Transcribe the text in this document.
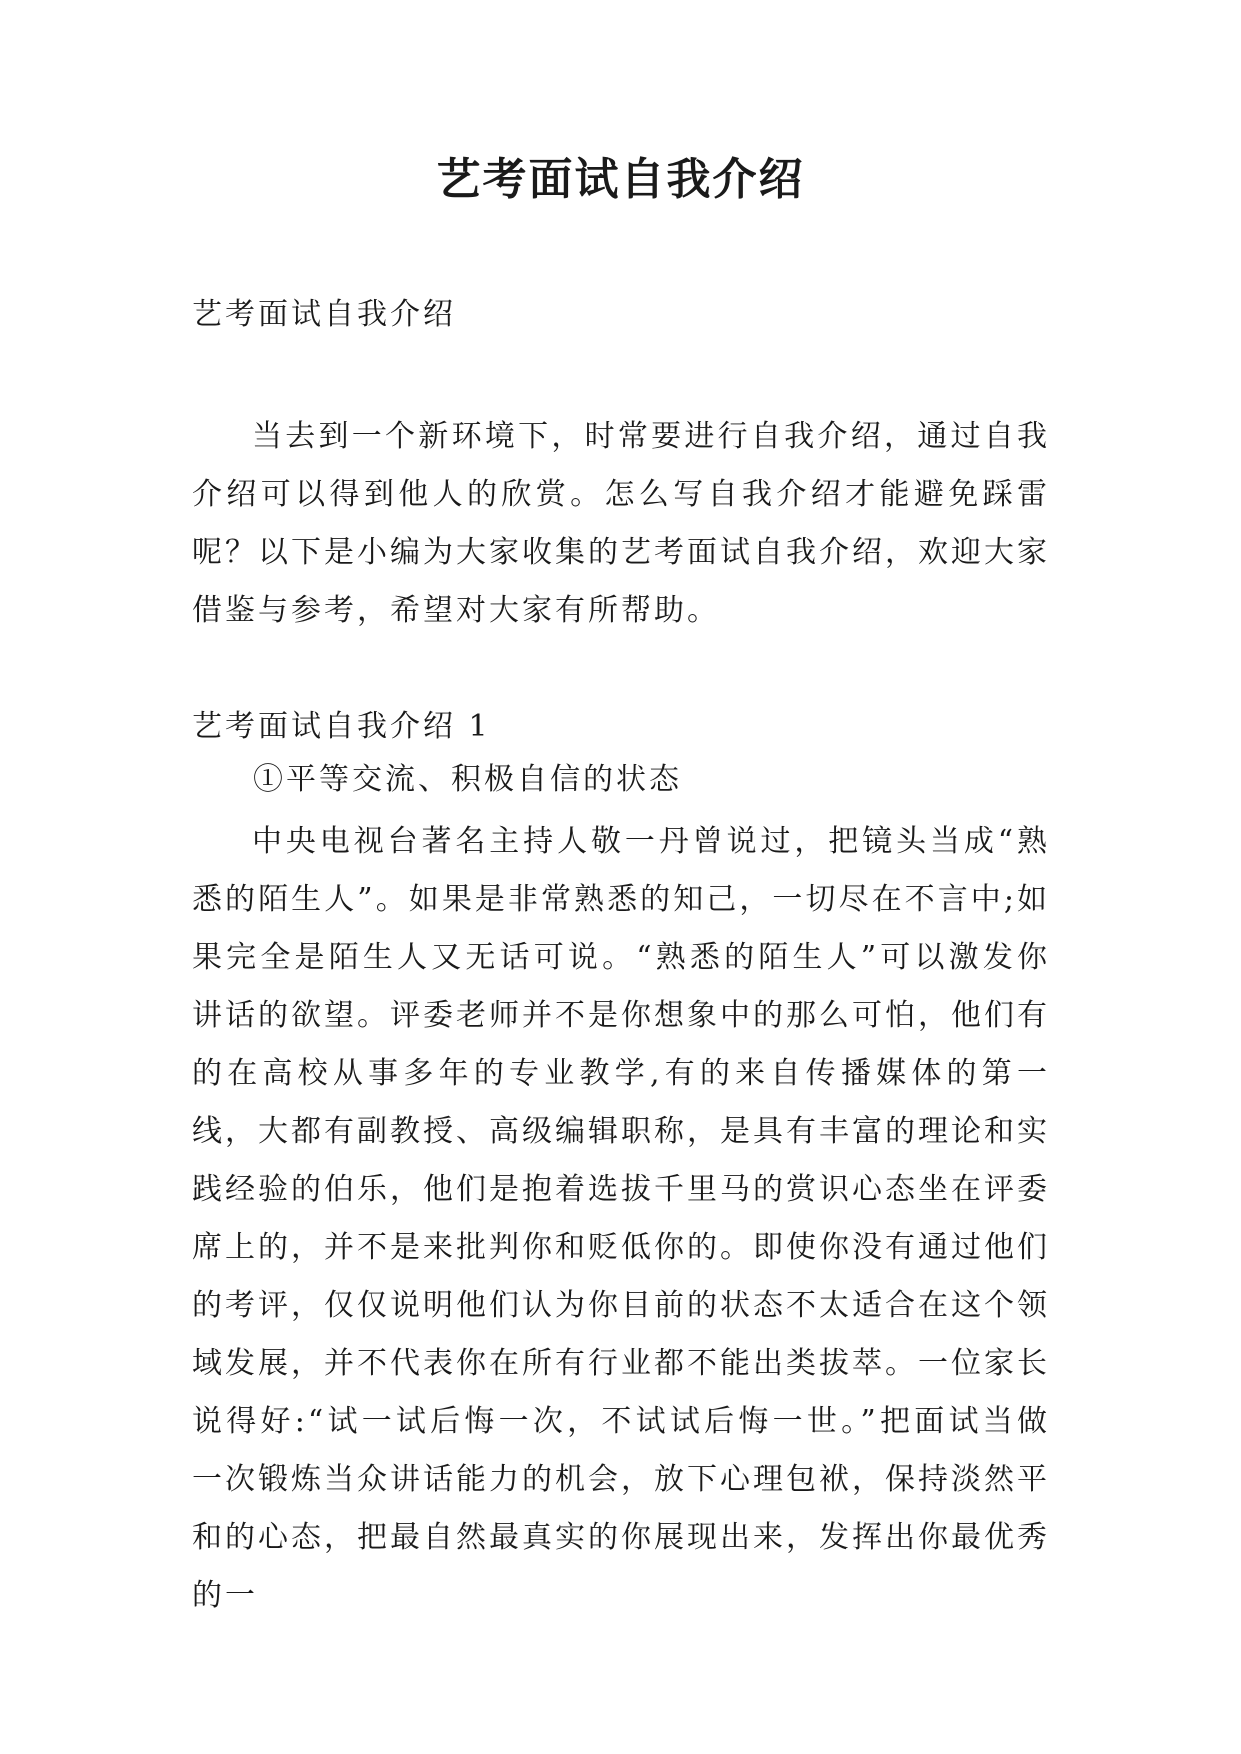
艺考面试自我介绍

艺考面试自我介绍

当去到一个新环境下，时常要进行自我介绍，通过自我介绍可以得到他人的欣赏。怎么写自我介绍才能避免踩雷呢？以下是小编为大家收集的艺考面试自我介绍，欢迎大家借鉴与参考，希望对大家有所帮助。

艺考面试自我介绍 1

①平等交流、积极自信的状态

中央电视台著名主持人敬一丹曾说过，把镜头当成“熟悉的陌生人”。如果是非常熟悉的知己，一切尽在不言中;如果完全是陌生人又无话可说。“熟悉的陌生人”可以激发你讲话的欲望。评委老师并不是你想象中的那么可怕，他们有的在高校从事多年的专业教学,有的来自传播媒体的第一线，大都有副教授、高级编辑职称，是具有丰富的理论和实践经验的伯乐，他们是抱着选拔千里马的赏识心态坐在评委席上的，并不是来批判你和贬低你的。即使你没有通过他们的考评，仅仅说明他们认为你目前的状态不太适合在这个领域发展，并不代表你在所有行业都不能出类拔萃。一位家长说得好:“试一试后悔一次，不试试后悔一世。”把面试当做一次锻炼当众讲话能力的机会，放下心理包袱，保持淡然平和的心态，把最自然最真实的你展现出来，发挥出你最优秀的一
